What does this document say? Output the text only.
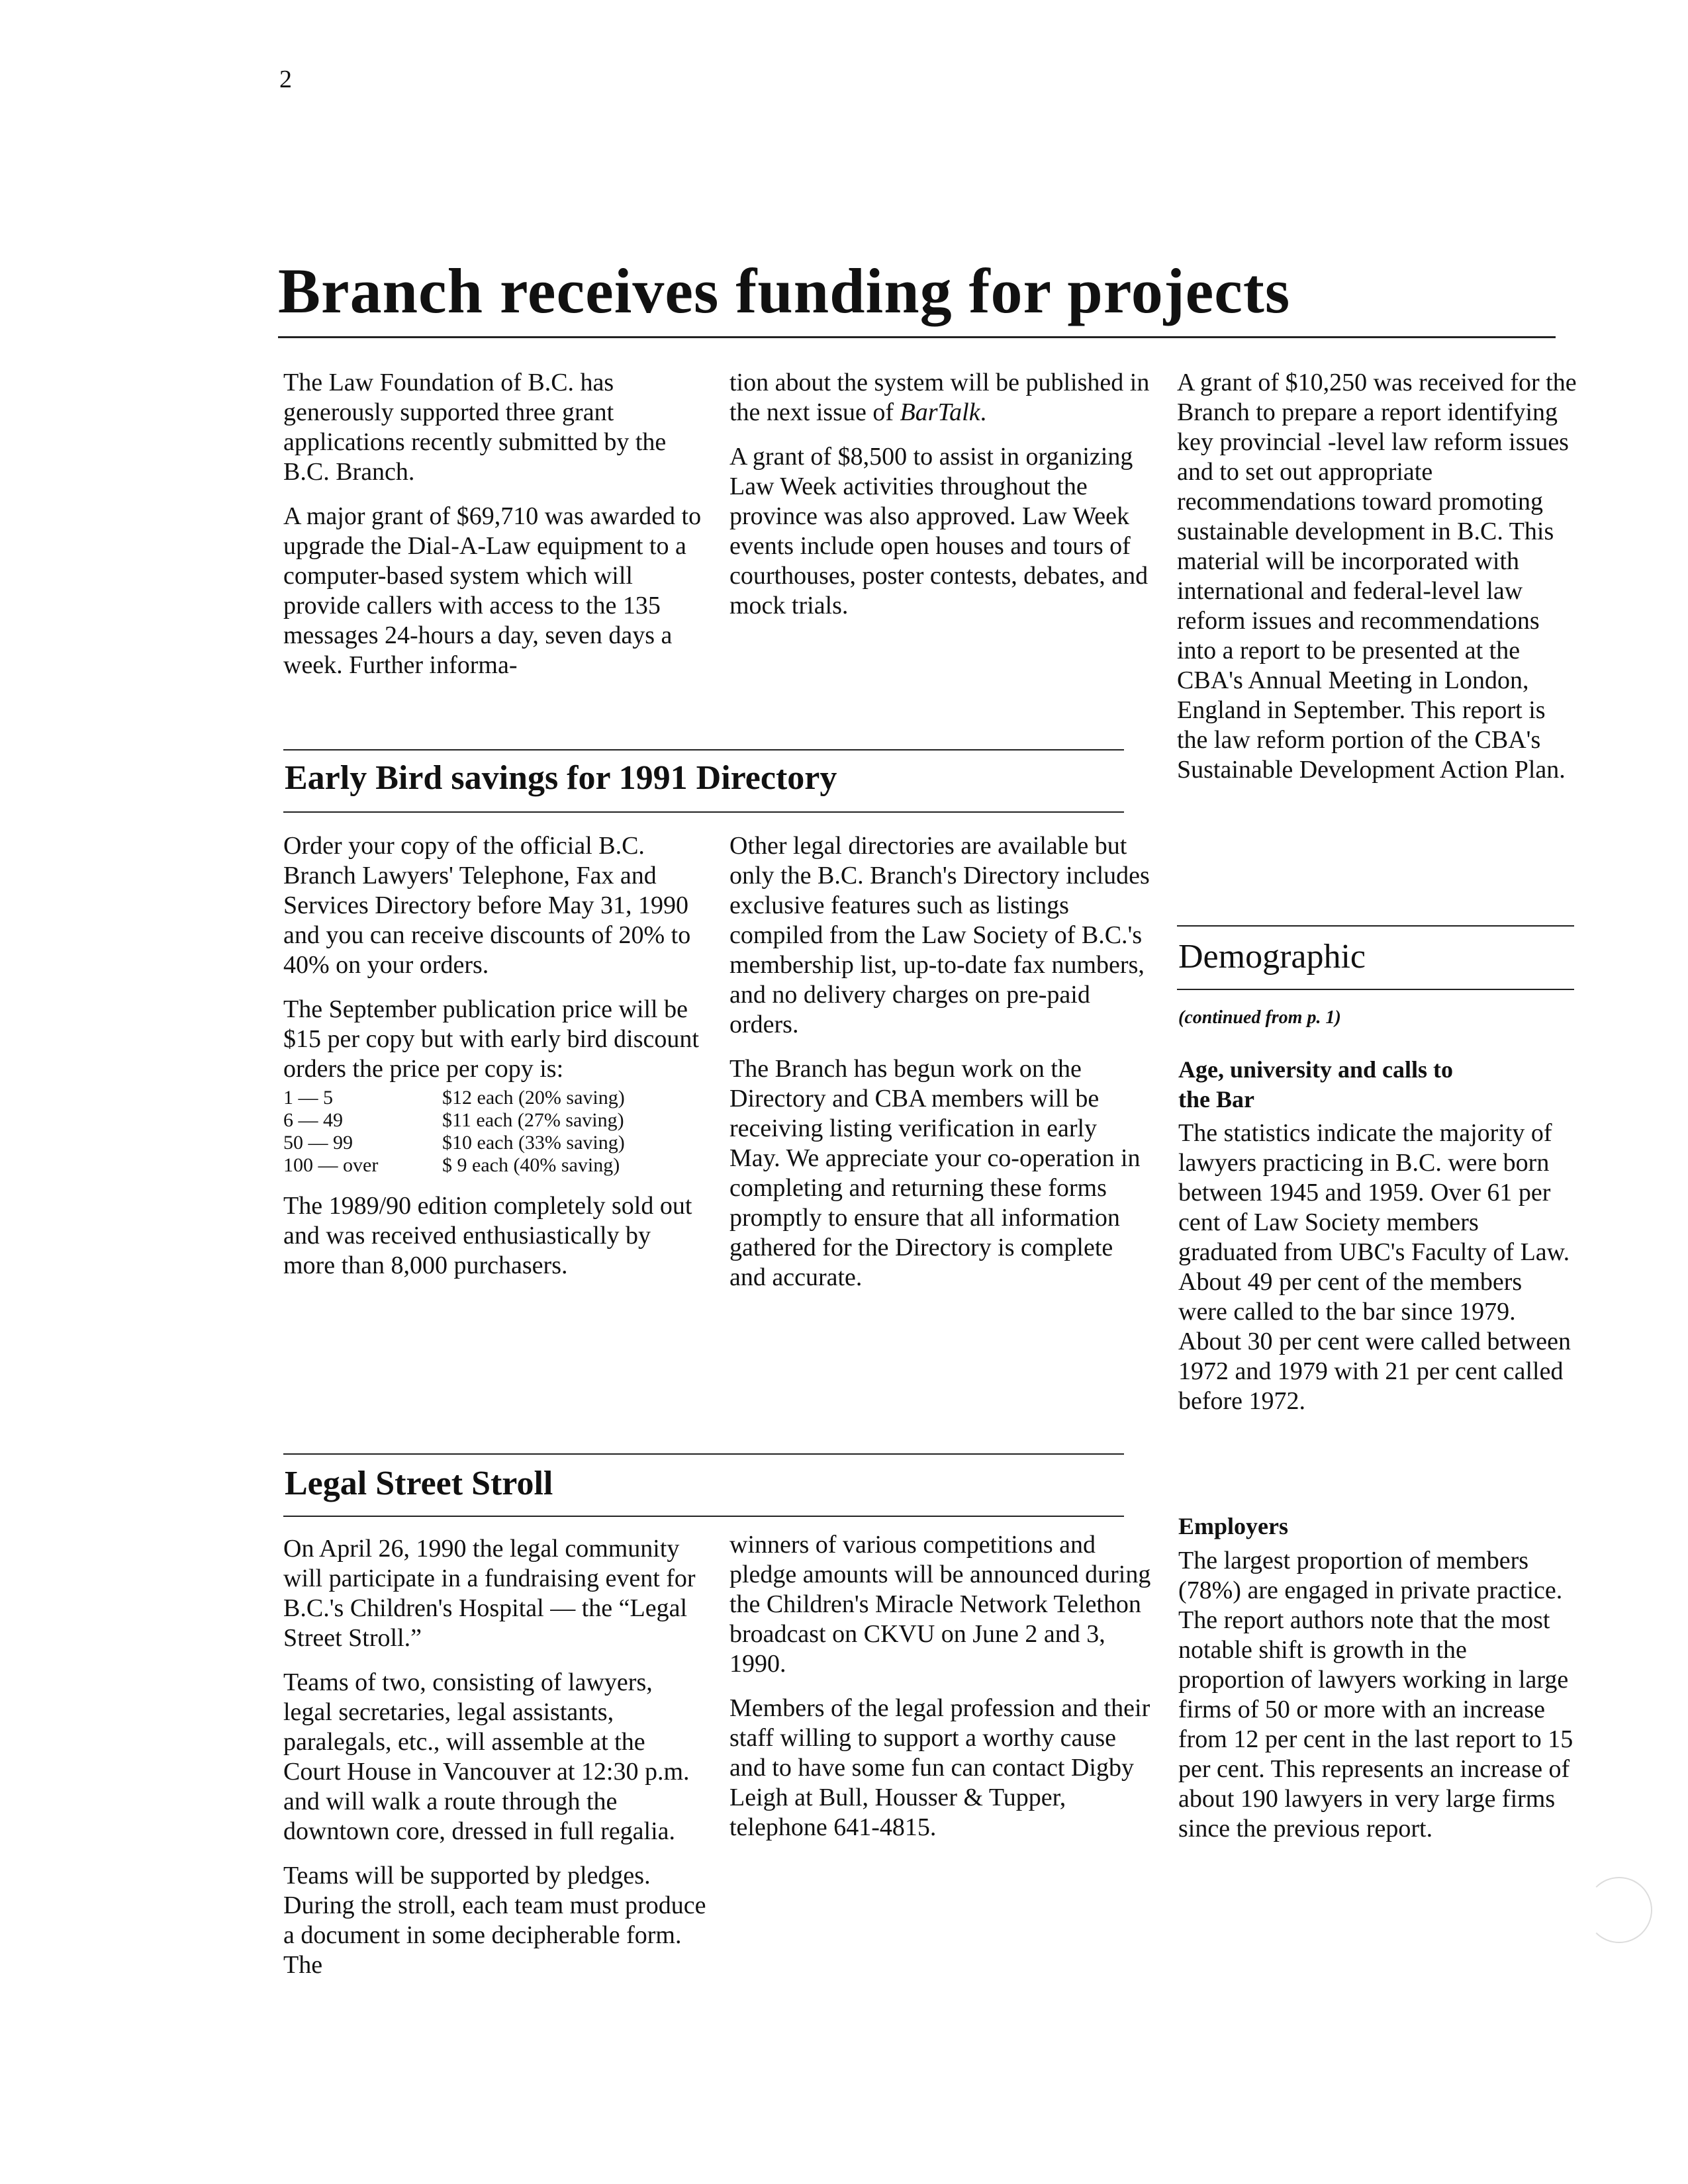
2
Branch receives funding for projects

The Law Foundation of B.C. has generously supported three grant applications recently submitted by the B.C. Branch.

A major grant of $69,710 was awarded to upgrade the Dial-A-Law equipment to a computer-based system which will provide callers with access to the 135 messages 24-hours a day, seven days a week. Further informa-

tion about the system will be published in the next issue of BarTalk.

A grant of $8,500 to assist in organizing Law Week activities throughout the province was also approved. Law Week events include open houses and tours of courthouses, poster contests, debates, and mock trials.

A grant of $10,250 was received for the Branch to prepare a report identifying key provincial -level law reform issues and to set out appropriate recommendations toward promoting sustainable development in B.C. This material will be incorporated with international and federal-level law reform issues and recommendations into a report to be presented at the CBA's Annual Meeting in London, England in September. This report is the law reform portion of the CBA's Sustainable Development Action Plan.

Early Bird savings for 1991 Directory

Order your copy of the official B.C. Branch Lawyers' Telephone, Fax and Services Directory before May 31, 1990 and you can receive discounts of 20% to 40% on your orders.

The September publication price will be $15 per copy but with early bird discount orders the price per copy is:

1 — 5	$12 each (20% saving)
6 — 49	$11 each (27% saving)
50 — 99	$10 each (33% saving)
100 — over	$ 9 each (40% saving)

The 1989/90 edition completely sold out and was received enthusiastically by more than 8,000 purchasers.

Other legal directories are available but only the B.C. Branch's Directory includes exclusive features such as listings compiled from the Law Society of B.C.'s membership list, up-to-date fax numbers, and no delivery charges on pre-paid orders.

The Branch has begun work on the Directory and CBA members will be receiving listing verification in early May. We appreciate your co-operation in completing and returning these forms promptly to ensure that all information gathered for the Directory is complete and accurate.

Legal Street Stroll

On April 26, 1990 the legal community will participate in a fundraising event for B.C.'s Children's Hospital — the “Legal Street Stroll.”

Teams of two, consisting of lawyers, legal secretaries, legal assistants, paralegals, etc., will assemble at the Court House in Vancouver at 12:30 p.m. and will walk a route through the downtown core, dressed in full regalia.

Teams will be supported by pledges. During the stroll, each team must produce a document in some decipherable form. The

winners of various competitions and pledge amounts will be announced during the Children's Miracle Network Telethon broadcast on CKVU on June 2 and 3, 1990.

Members of the legal profession and their staff willing to support a worthy cause and to have some fun can contact Digby Leigh at Bull, Housser & Tupper, telephone 641-4815.

Demographic
(continued from p. 1)
Age, university and calls to the Bar

The statistics indicate the majority of lawyers practicing in B.C. were born between 1945 and 1959. Over 61 per cent of Law Society members graduated from UBC's Faculty of Law. About 49 per cent of the members were called to the bar since 1979. About 30 per cent were called between 1972 and 1979 with 21 per cent called before 1972.

Employers

The largest proportion of members (78%) are engaged in private practice. The report authors note that the most notable shift is growth in the proportion of lawyers working in large firms of 50 or more with an increase from 12 per cent in the last report to 15 per cent. This represents an increase of about 190 lawyers in very large firms since the previous report.
